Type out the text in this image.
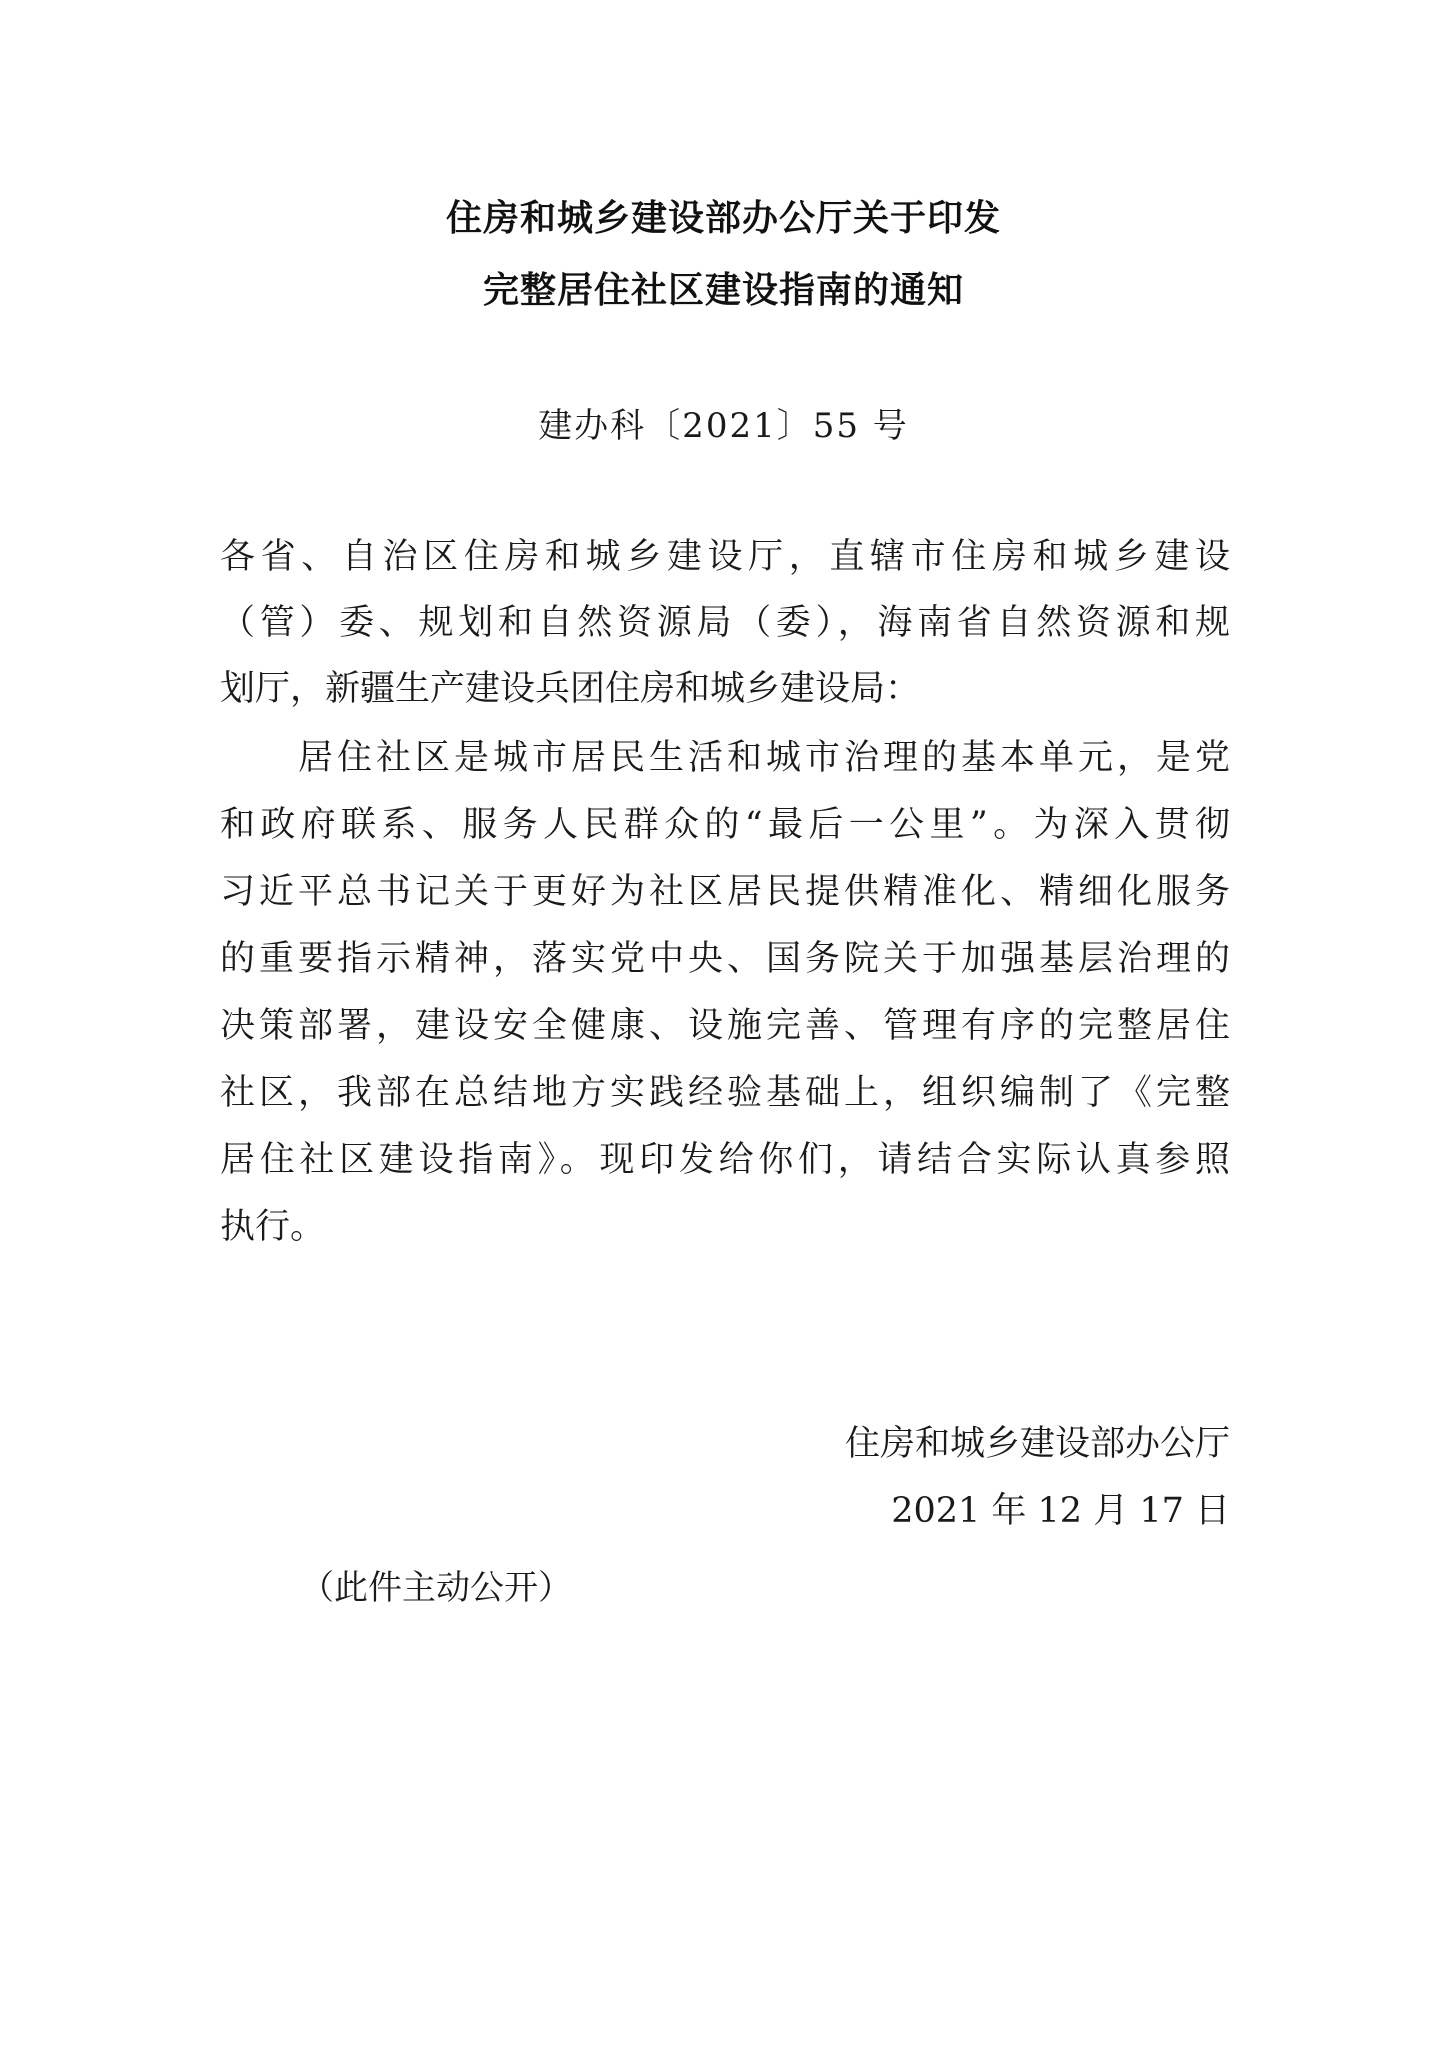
住房和城乡建设部办公厅关于印发
完整居住社区建设指南的通知
建办科〔2021〕55 号
各省、自治区住房和城乡建设厅，直辖市住房和城乡建设
（管）委、规划和自然资源局（委），海南省自然资源和规
划厅，新疆生产建设兵团住房和城乡建设局：
　　居住社区是城市居民生活和城市治理的基本单元，是党
和政府联系、服务人民群众的“最后一公里”。为深入贯彻
习近平总书记关于更好为社区居民提供精准化、精细化服务
的重要指示精神，落实党中央、国务院关于加强基层治理的
决策部署，建设安全健康、设施完善、管理有序的完整居住
社区，我部在总结地方实践经验基础上，组织编制了《完整
居住社区建设指南》。现印发给你们，请结合实际认真参照
执行。
住房和城乡建设部办公厅
2021 年 12 月 17 日
（此件主动公开）
